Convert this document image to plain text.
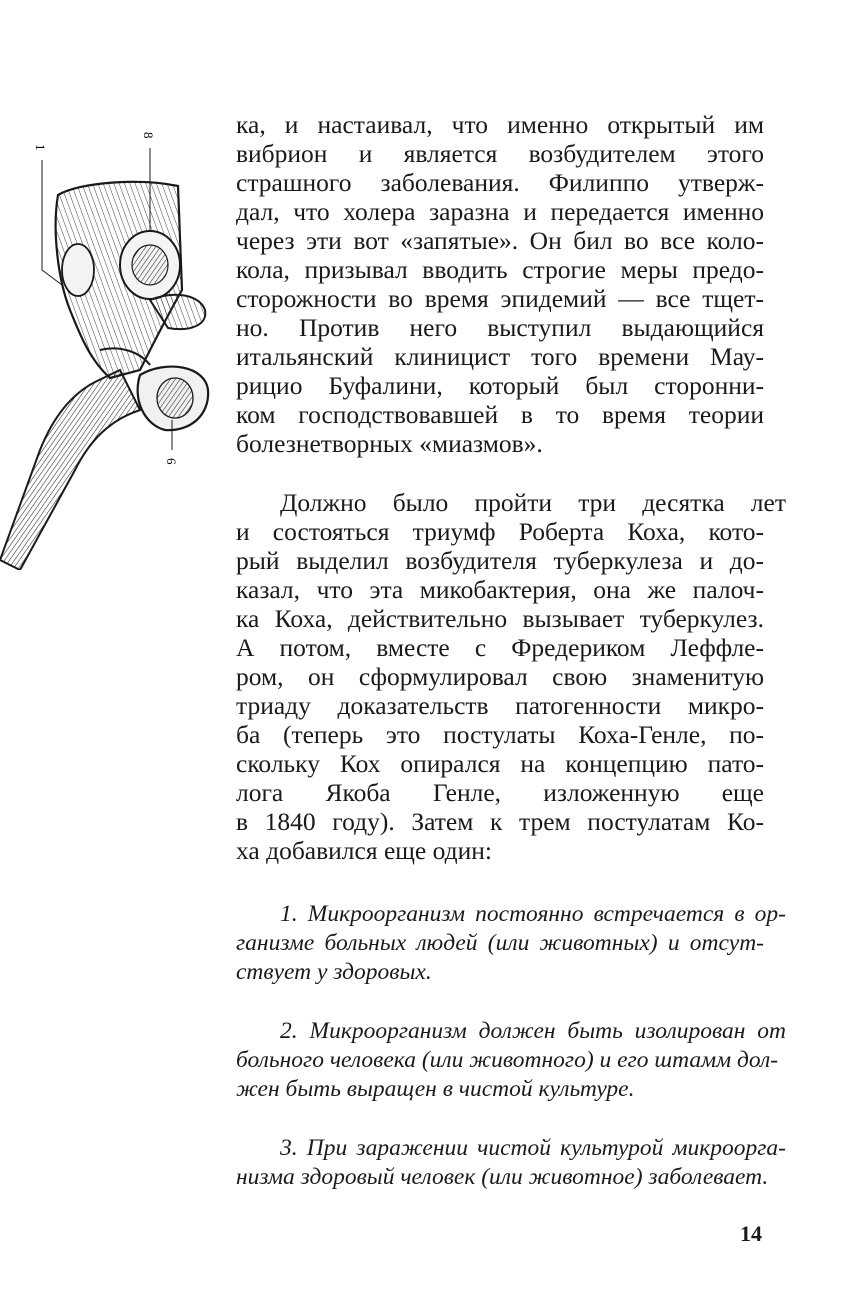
1
8
6

ка, и настаивал, что именно открытый им

вибрион и является возбудителем этого

страшного заболевания. Филиппо утверж-

дал, что холера заразна и передается именно

через эти вот «запятые». Он бил во все коло-

кола, призывал вводить строгие меры предо-

сторожности во время эпидемий — все тщет-

но. Против него выступил выдающийся

итальянский клиницист того времени Мау-

рицио Буфалини, который был сторонни-

ком господствовавшей в то время теории

болезнетворных «миазмов».

Должно было пройти три десятка лет

и состояться триумф Роберта Коха, кото-

рый выделил возбудителя туберкулеза и до-

казал, что эта микобактерия, она же палоч-

ка Коха, действительно вызывает туберкулез.

А потом, вместе с Фредериком Леффле-

ром, он сформулировал свою знаменитую

триаду доказательств патогенности микро-

ба (теперь это постулаты Коха-Генле, по-

скольку Кох опирался на концепцию пато-

лога Якоба Генле, изложенную еще

в 1840 году). Затем к трем постулатам Ко-

ха добавился еще один:

1. Микроорганизм постоянно встречается в ор-

ганизме больных людей (или животных) и отсут-

ствует у здоровых.

2. Микроорганизм должен быть изолирован от

больного человека (или животного) и его штамм дол-

жен быть выращен в чистой культуре.

3. При заражении чистой культурой микроорга-

низма здоровый человек (или животное) заболевает.

14
